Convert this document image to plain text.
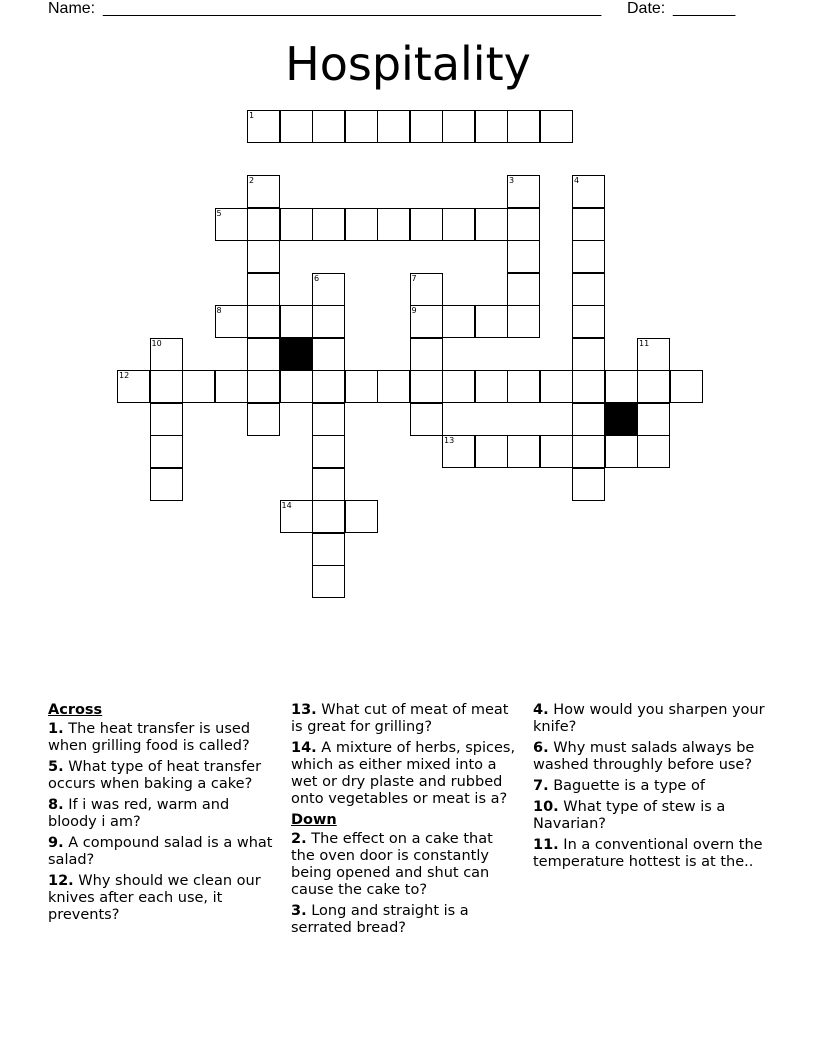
Name: ________________________________________________________ Date: _______
Hospitality
1
5
8	9
12
13
14
2	3	4
6	7
10	11
Across
1. The heat transfer is used when grilling food is called?
5. What type of heat transfer occurs when baking a cake?
8. If i was red, warm and bloody i am?
9. A compound salad is a what salad?
12. Why should we clean our knives after each use, it prevents?
13. What cut of meat of meat is great for grilling?
14. A mixture of herbs, spices, which as either mixed into a wet or dry plaste and rubbed onto vegetables or meat is a?
Down
2. The effect on a cake that the oven door is constantly being opened and shut can cause the cake to?
3. Long and straight is a serrated bread?
4. How would you sharpen your knife?
6. Why must salads always be washed throughly before use?
7. Baguette is a type of
10. What type of stew is a Navarian?
11. In a conventional overn the temperature hottest is at the..
